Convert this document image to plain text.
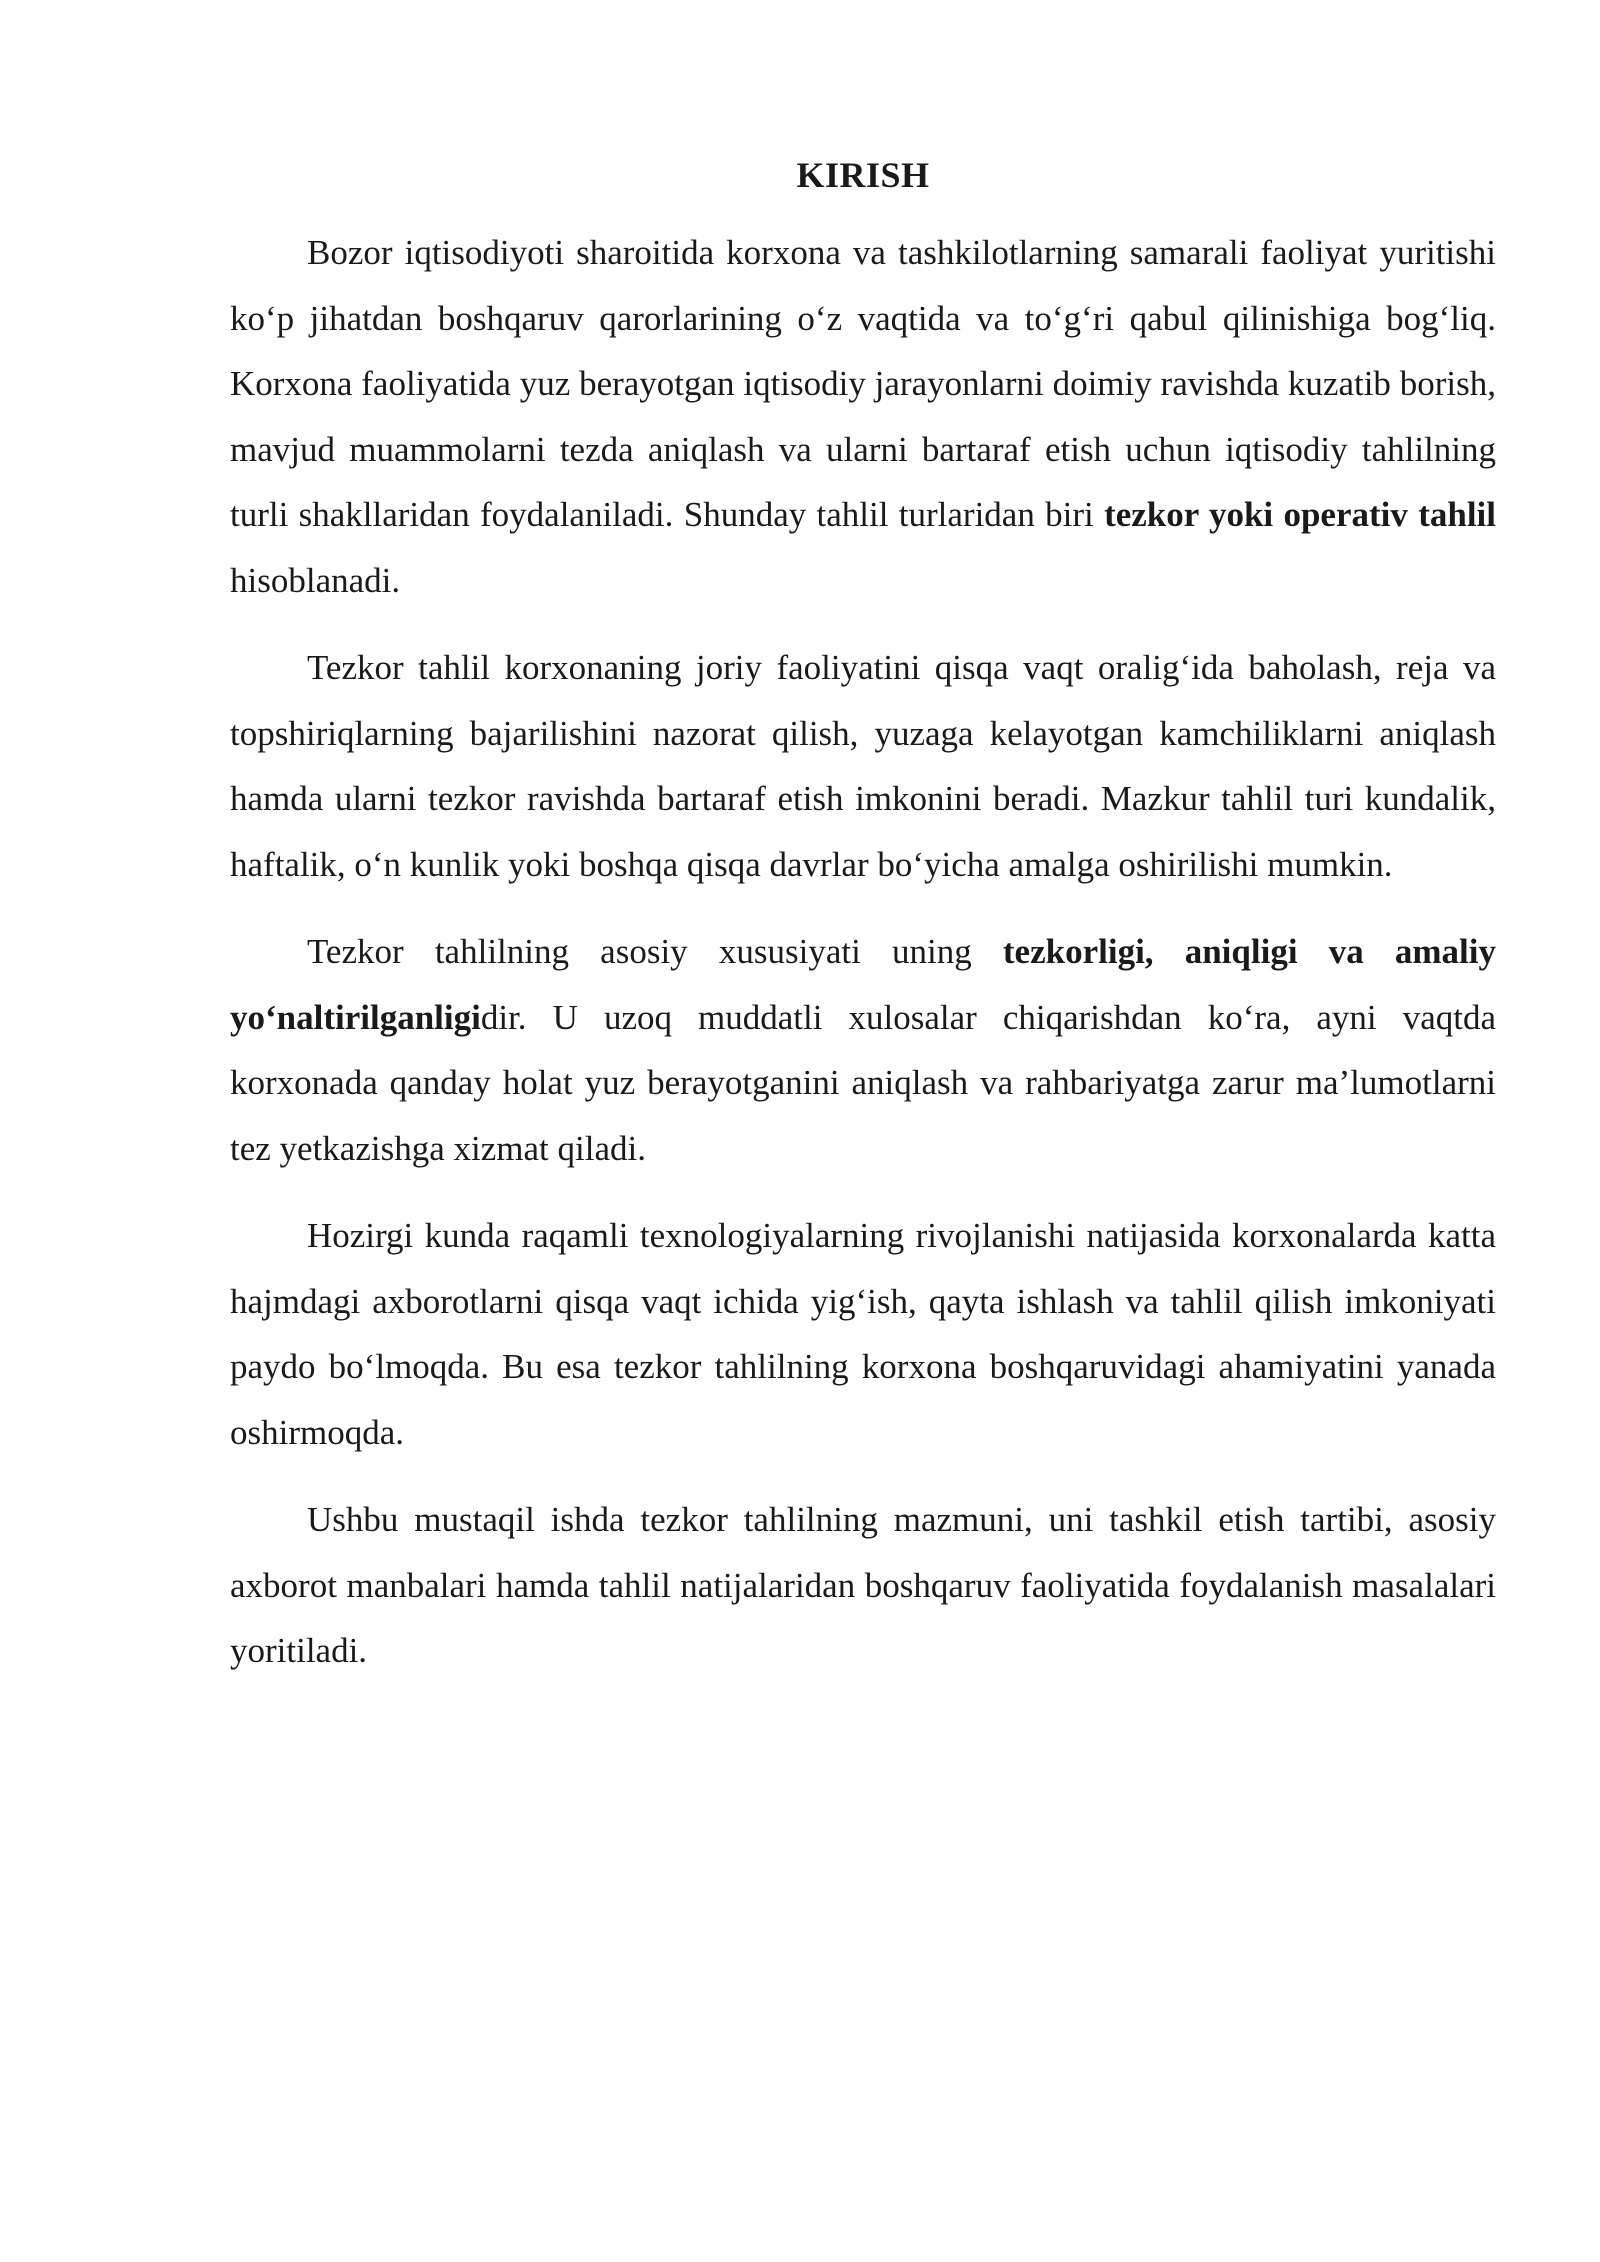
KIRISH

Bozor iqtisodiyoti sharoitida korxona va tashkilotlarning samarali faoliyat yuritishi ko‘p jihatdan boshqaruv qarorlarining o‘z vaqtida va to‘g‘ri qabul qilinishiga bog‘liq. Korxona faoliyatida yuz berayotgan iqtisodiy jarayonlarni doimiy ravishda kuzatib borish, mavjud muammolarni tezda aniqlash va ularni bartaraf etish uchun iqtisodiy tahlilning turli shakllaridan foydalaniladi. Shunday tahlil turlaridan biri tezkor yoki operativ tahlil hisoblanadi.

Tezkor tahlil korxonaning joriy faoliyatini qisqa vaqt oralig‘ida baholash, reja va topshiriqlarning bajarilishini nazorat qilish, yuzaga kelayotgan kamchiliklarni aniqlash hamda ularni tezkor ravishda bartaraf etish imkonini beradi. Mazkur tahlil turi kundalik, haftalik, o‘n kunlik yoki boshqa qisqa davrlar bo‘yicha amalga oshirilishi mumkin.

Tezkor tahlilning asosiy xususiyati uning tezkorligi, aniqligi va amaliy yo‘naltirilganligidir. U uzoq muddatli xulosalar chiqarishdan ko‘ra, ayni vaqtda korxonada qanday holat yuz berayotganini aniqlash va rahbariyatga zarur ma’lumotlarni tez yetkazishga xizmat qiladi.

Hozirgi kunda raqamli texnologiyalarning rivojlanishi natijasida korxonalarda katta hajmdagi axborotlarni qisqa vaqt ichida yig‘ish, qayta ishlash va tahlil qilish imkoniyati paydo bo‘lmoqda. Bu esa tezkor tahlilning korxona boshqaruvidagi ahamiyatini yanada oshirmoqda.

Ushbu mustaqil ishda tezkor tahlilning mazmuni, uni tashkil etish tartibi, asosiy axborot manbalari hamda tahlil natijalaridan boshqaruv faoliyatida foydalanish masalalari yoritiladi.
